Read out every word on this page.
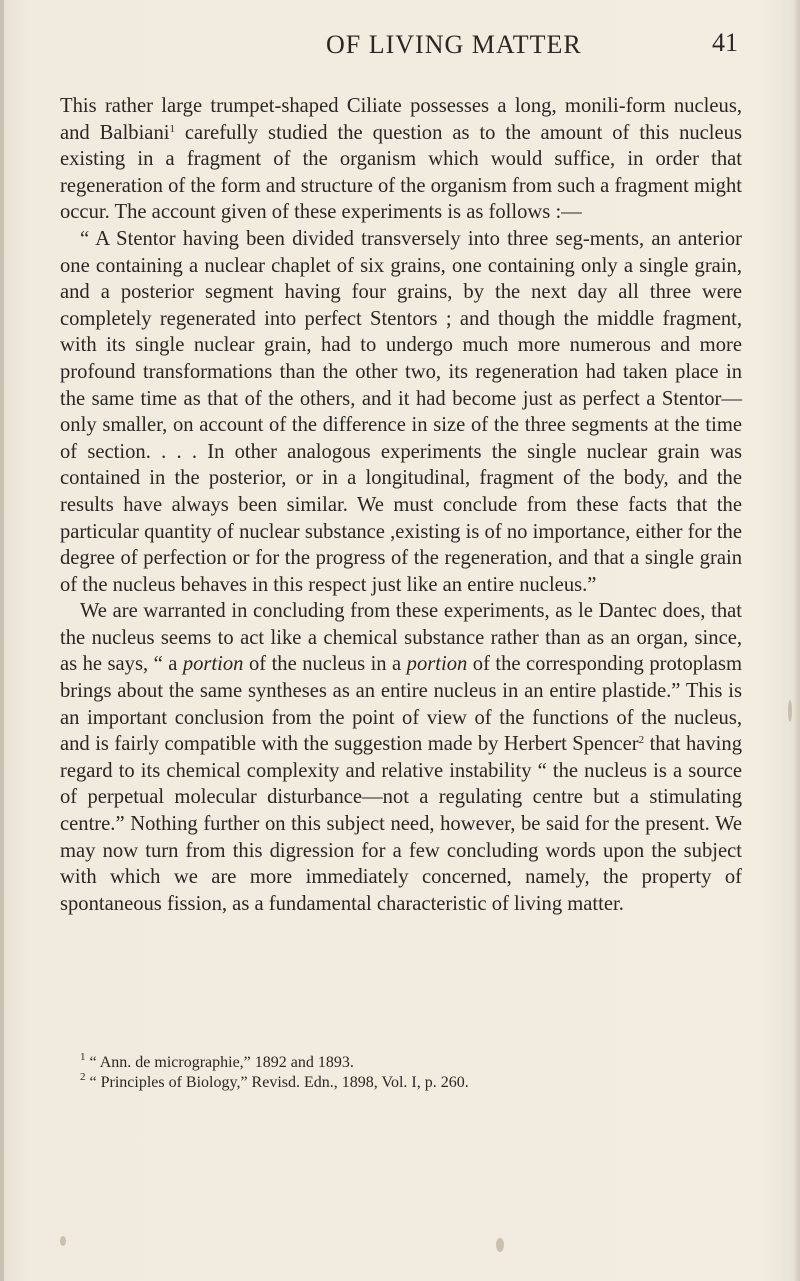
OF LIVING MATTER	41

This rather large trumpet-shaped Ciliate possesses a long, monili-form nucleus, and Balbiani$^1$ carefully studied the question as to the amount of this nucleus existing in a fragment of the organism which would suffice, in order that regeneration of the form and structure of the organism from such a fragment might occur. The account given of these experiments is as follows :—

“ A Stentor having been divided transversely into three seg-ments, an anterior one containing a nuclear chaplet of six grains, one containing only a single grain, and a posterior segment having four grains, by the next day all three were completely regenerated into perfect Stentors ; and though the middle fragment, with its single nuclear grain, had to undergo much more numerous and more profound transformations than the other two, its regeneration had taken place in the same time as that of the others, and it had become just as perfect a Stentor—only smaller, on account of the difference in size of the three segments at the time of section. . . . In other analogous experiments the single nuclear grain was contained in the posterior, or in a longitudinal, fragment of the body, and the results have always been similar. We must conclude from these facts that the particular quantity of nuclear substance ,existing is of no importance, either for the degree of perfection or for the progress of the regeneration, and that a single grain of the nucleus behaves in this respect just like an entire nucleus.”

We are warranted in concluding from these experiments, as le Dantec does, that the nucleus seems to act like a chemical substance rather than as an organ, since, as he says, “ a portion of the nucleus in a portion of the corresponding protoplasm brings about the same syntheses as an entire nucleus in an entire plastide.” This is an important conclusion from the point of view of the functions of the nucleus, and is fairly compatible with the suggestion made by Herbert Spencer$^2$ that having regard to its chemical complexity and relative instability “ the nucleus is a source of perpetual molecular disturbance—not a regulating centre but a stimulating centre.” Nothing further on this subject need, however, be said for the present. We may now turn from this digression for a few concluding words upon the subject with which we are more immediately concerned, namely, the property of spontaneous fission, as a fundamental characteristic of living matter.

$^1$ “ Ann. de micrographie,” 1892 and 1893.
$^2$ “ Principles of Biology,” Revisd. Edn., 1898, Vol. I, p. 260.
